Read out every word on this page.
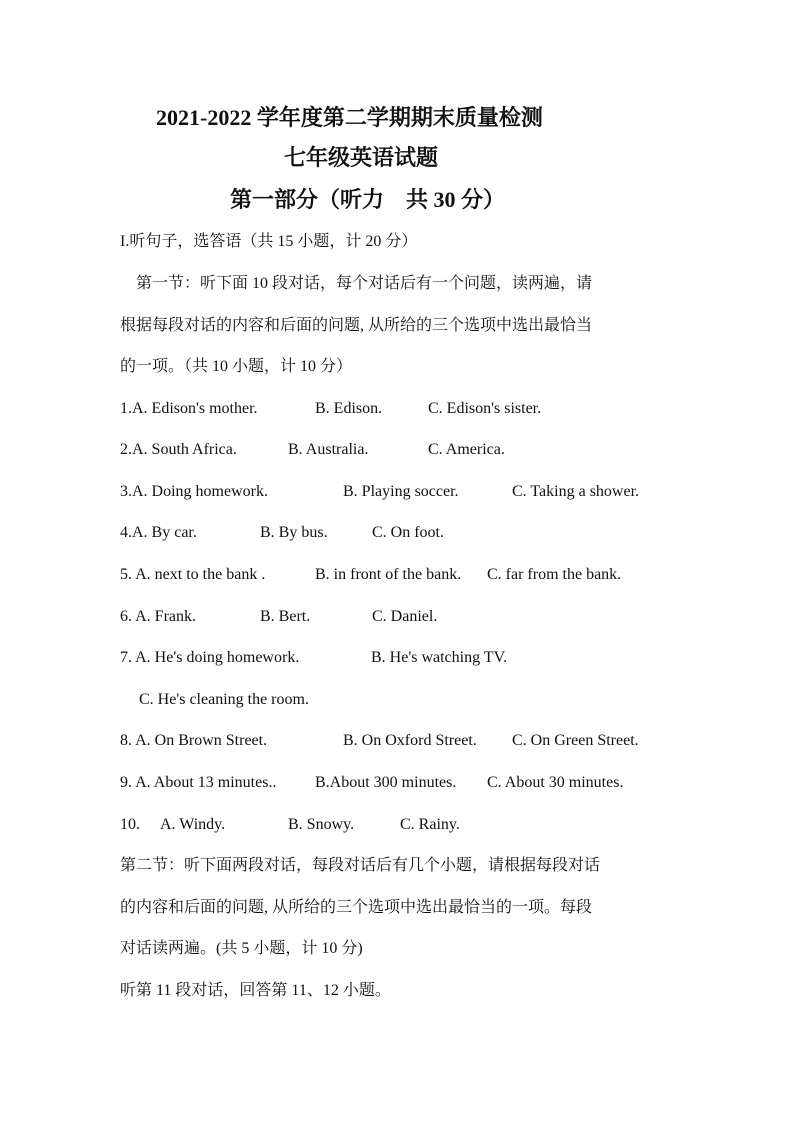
2021-2022 学年度第二学期期末质量检测
七年级英语试题
第一部分（听力　共 30 分）
I.听句子，选答语（共 15 小题，计 20 分）
　第一节：听下面 10 段对话，每个对话后有一个问题，读两遍，请
根据每段对话的内容和后面的问题, 从所给的三个选项中选出最恰当
的一项。（共 10 小题，计 10 分）
1.A. Edison's mother.	B. Edison.	C. Edison's sister.
2.A. South Africa.	B. Australia.	C. America.
3.A. Doing homework.	B. Playing soccer.	C. Taking a shower.
4.A. By car.	B. By bus.	C. On foot.
5. A. next to the bank .	B. in front of the bank. C. far from the bank.
6. A. Frank.	B. Bert.	C. Daniel.
7. A. He's doing homework.	B. He's watching TV.
C. He's cleaning the room.
8. A. On Brown Street.	B. On Oxford Street. C. On Green Street.
9. A. About 13 minutes.. B.About 300 minutes. C. About 30 minutes.
10. A. Windy.	B. Snowy.	C. Rainy.
第二节：听下面两段对话，每段对话后有几个小题，请根据每段对话
的内容和后面的问题, 从所给的三个选项中选出最恰当的一项。每段
对话读两遍。(共 5 小题，计 10 分)
听第 11 段对话，回答第 11、12 小题。
